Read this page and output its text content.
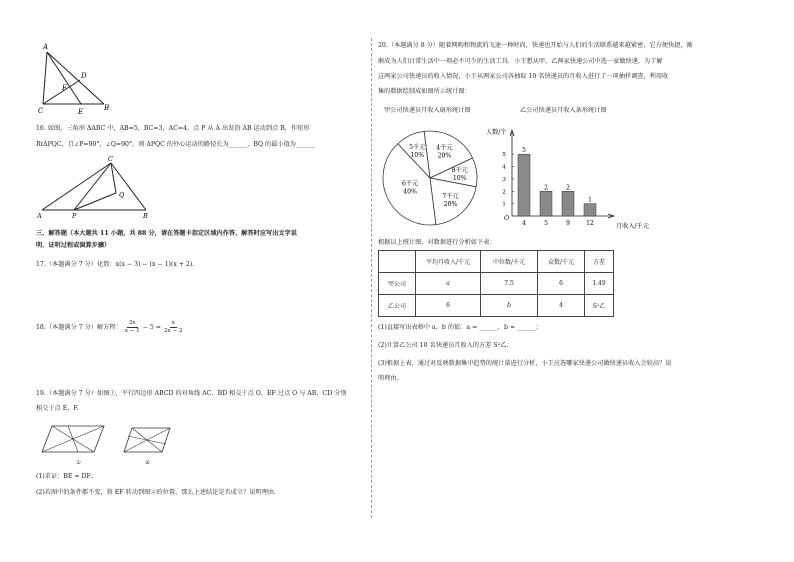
A
D
F
C	E	B
16. 如图，三角形 ΔABC 中，AB=5，BC=3，AC=4，点 P 从 A 出发沿 AB 运动到点 B，作矩形
RtΔPQC，且∠P=90°，∠Q=90°，则 ΔPQC 的外心运动的路径长为______，BQ 的最小值为______
C
Q
A	P	B
三、解答题（本大题共 11 小题，共 88 分，请在答题卡指定区域内作答，解答时应写出文字说
明、证明过程或演算步骤）
17.（本题满分 7 分）化简：x(x − 3) − (x − 1)(x + 2).
18.（本题满分 7 分）解方程： $\frac{3x}{x - 1} - 5 = \frac{x}{2x - 2}$
19.（本题满分 7 分）如图①，平行四边形 ABCD 的对角线 AC，BD 相交于点 O，EF 过点 O 与 AB，CD 分别
相交于点 E，F.
①	②
(1)求证：BE = DF；
(2)若图中的条件都不变，将 EF 转动到图②的位置，那么上述结论是否成立？说明理由.
20.（本题满分 8 分）随着网购和物流的飞速一种时尚，快递也开始与人们的生活联系越来越紧密，它方便快捷，渐
渐成为人们日常生活中一项必不可少的生活工具．小王想从甲、乙两家快递公司中选一家做快递，为了解
这两家公司快递员的收入情况，小王从两家公司各抽取 10 名快递员的月收入进行了一项抽样调查，利用收
集的数据绘制成如图所示统计图：
甲公司快递员月收入扇形统计图	乙公司快递员月收入条形统计图
4千元
20%
8千元
10%
7千元
20%
6千元
40%
5千元
10%
人数/个
月收入/千元
O
1
2
3
4
5
5
4
2
5
2
9
1
12
根据以上统计图，对数据进行分析如下表：
	平均月收入/千元	中位数/千元	众数/千元	方差
甲公司	a	7.5	6	1.49
乙公司	6	b	4	S²乙
(1)直接写出表格中 a，b 的值：a = ______，b = ______；
(2)计算乙公司 10 名快递员月收入的方差 S²乙；
(3)根据上表，通过对反映数据集中趋势的统计量进行分析，小王应选哪家快递公司做快递员收入会较高？说
明理由.
